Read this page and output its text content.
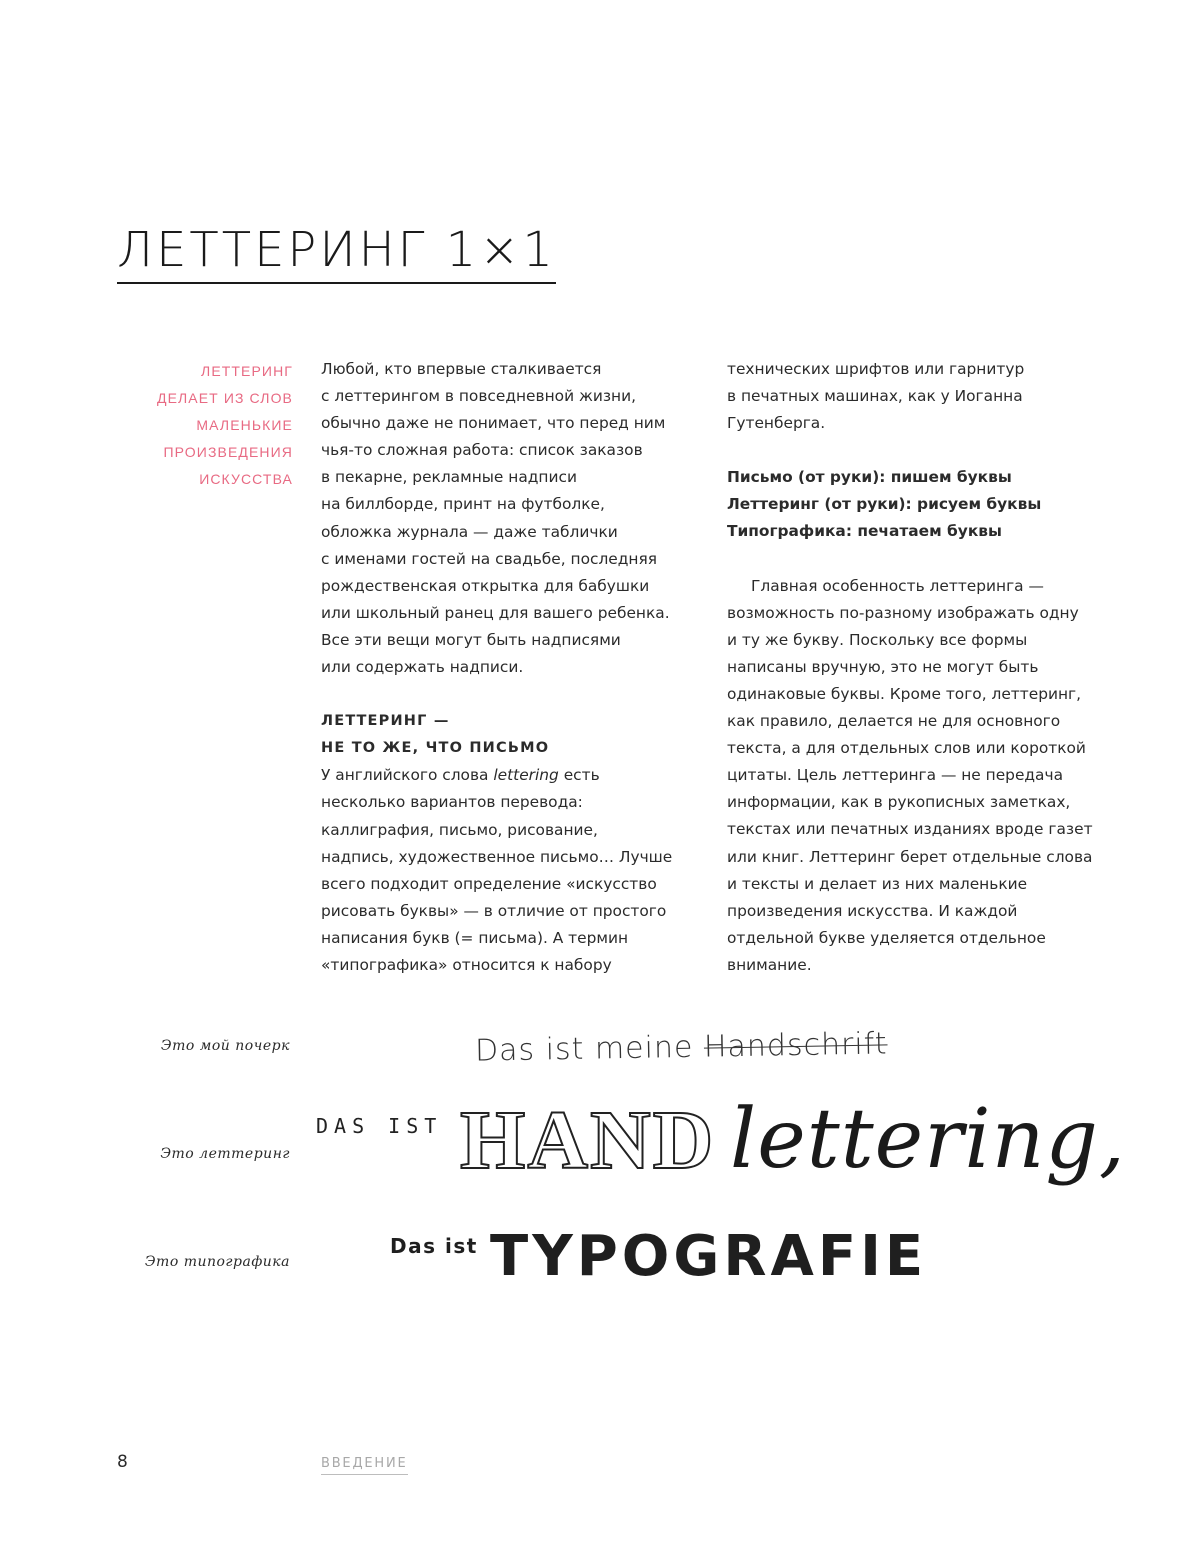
ЛЕТТЕРИНГ 1×1
ЛЕТТЕРИНГ
ДЕЛАЕТ ИЗ СЛОВ
МАЛЕНЬКИЕ
ПРОИЗВЕДЕНИЯ
ИСКУССТВА

Любой, кто впервые сталкивается
с леттерингом в повседневной жизни,
обычно даже не понимает, что перед ним
чья-то сложная работа: список заказов
в пекарне, рекламные надписи
на биллборде, принт на футболке,
обложка журнала — даже таблички
с именами гостей на свадьбе, последняя
рождественская открытка для бабушки
или школьный ранец для вашего ребенка.
Все эти вещи могут быть надписями
или содержать надписи.

ЛЕТТЕРИНГ —
НЕ ТО ЖЕ, ЧТО ПИСЬМО

У английского слова lettering есть
несколько вариантов перевода:
каллиграфия, письмо, рисование,
надпись, художественное письмо… Лучше
всего подходит определение «искусство
рисовать буквы» — в отличие от простого
написания букв (= письма). А термин
«типографика» относится к набору

технических шрифтов или гарнитур
в печатных машинах, как у Иоганна
Гутенберга.

Письмо (от руки): пишем буквы
Леттеринг (от руки): рисуем буквы
Типографика: печатаем буквы

Главная особенность леттеринга —
возможность по-разному изображать одну
и ту же букву. Поскольку все формы
написаны вручную, это не могут быть
одинаковые буквы. Кроме того, леттеринг,
как правило, делается не для основного
текста, а для отдельных слов или короткой
цитаты. Цель леттеринга — не передача
информации, как в рукописных заметках,
текстах или печатных изданиях вроде газет
или книг. Леттеринг берет отдельные слова
и тексты и делает из них маленькие
произведения искусства. И каждой
отдельной букве уделяется отдельное
внимание.

Это мой почерк	Das ist meine Handschrift
Это леттеринг
DAS IST HAND lettering,
Это типографика
Das ist TYPOGRAFIE
8	ВВЕДЕНИЕ
